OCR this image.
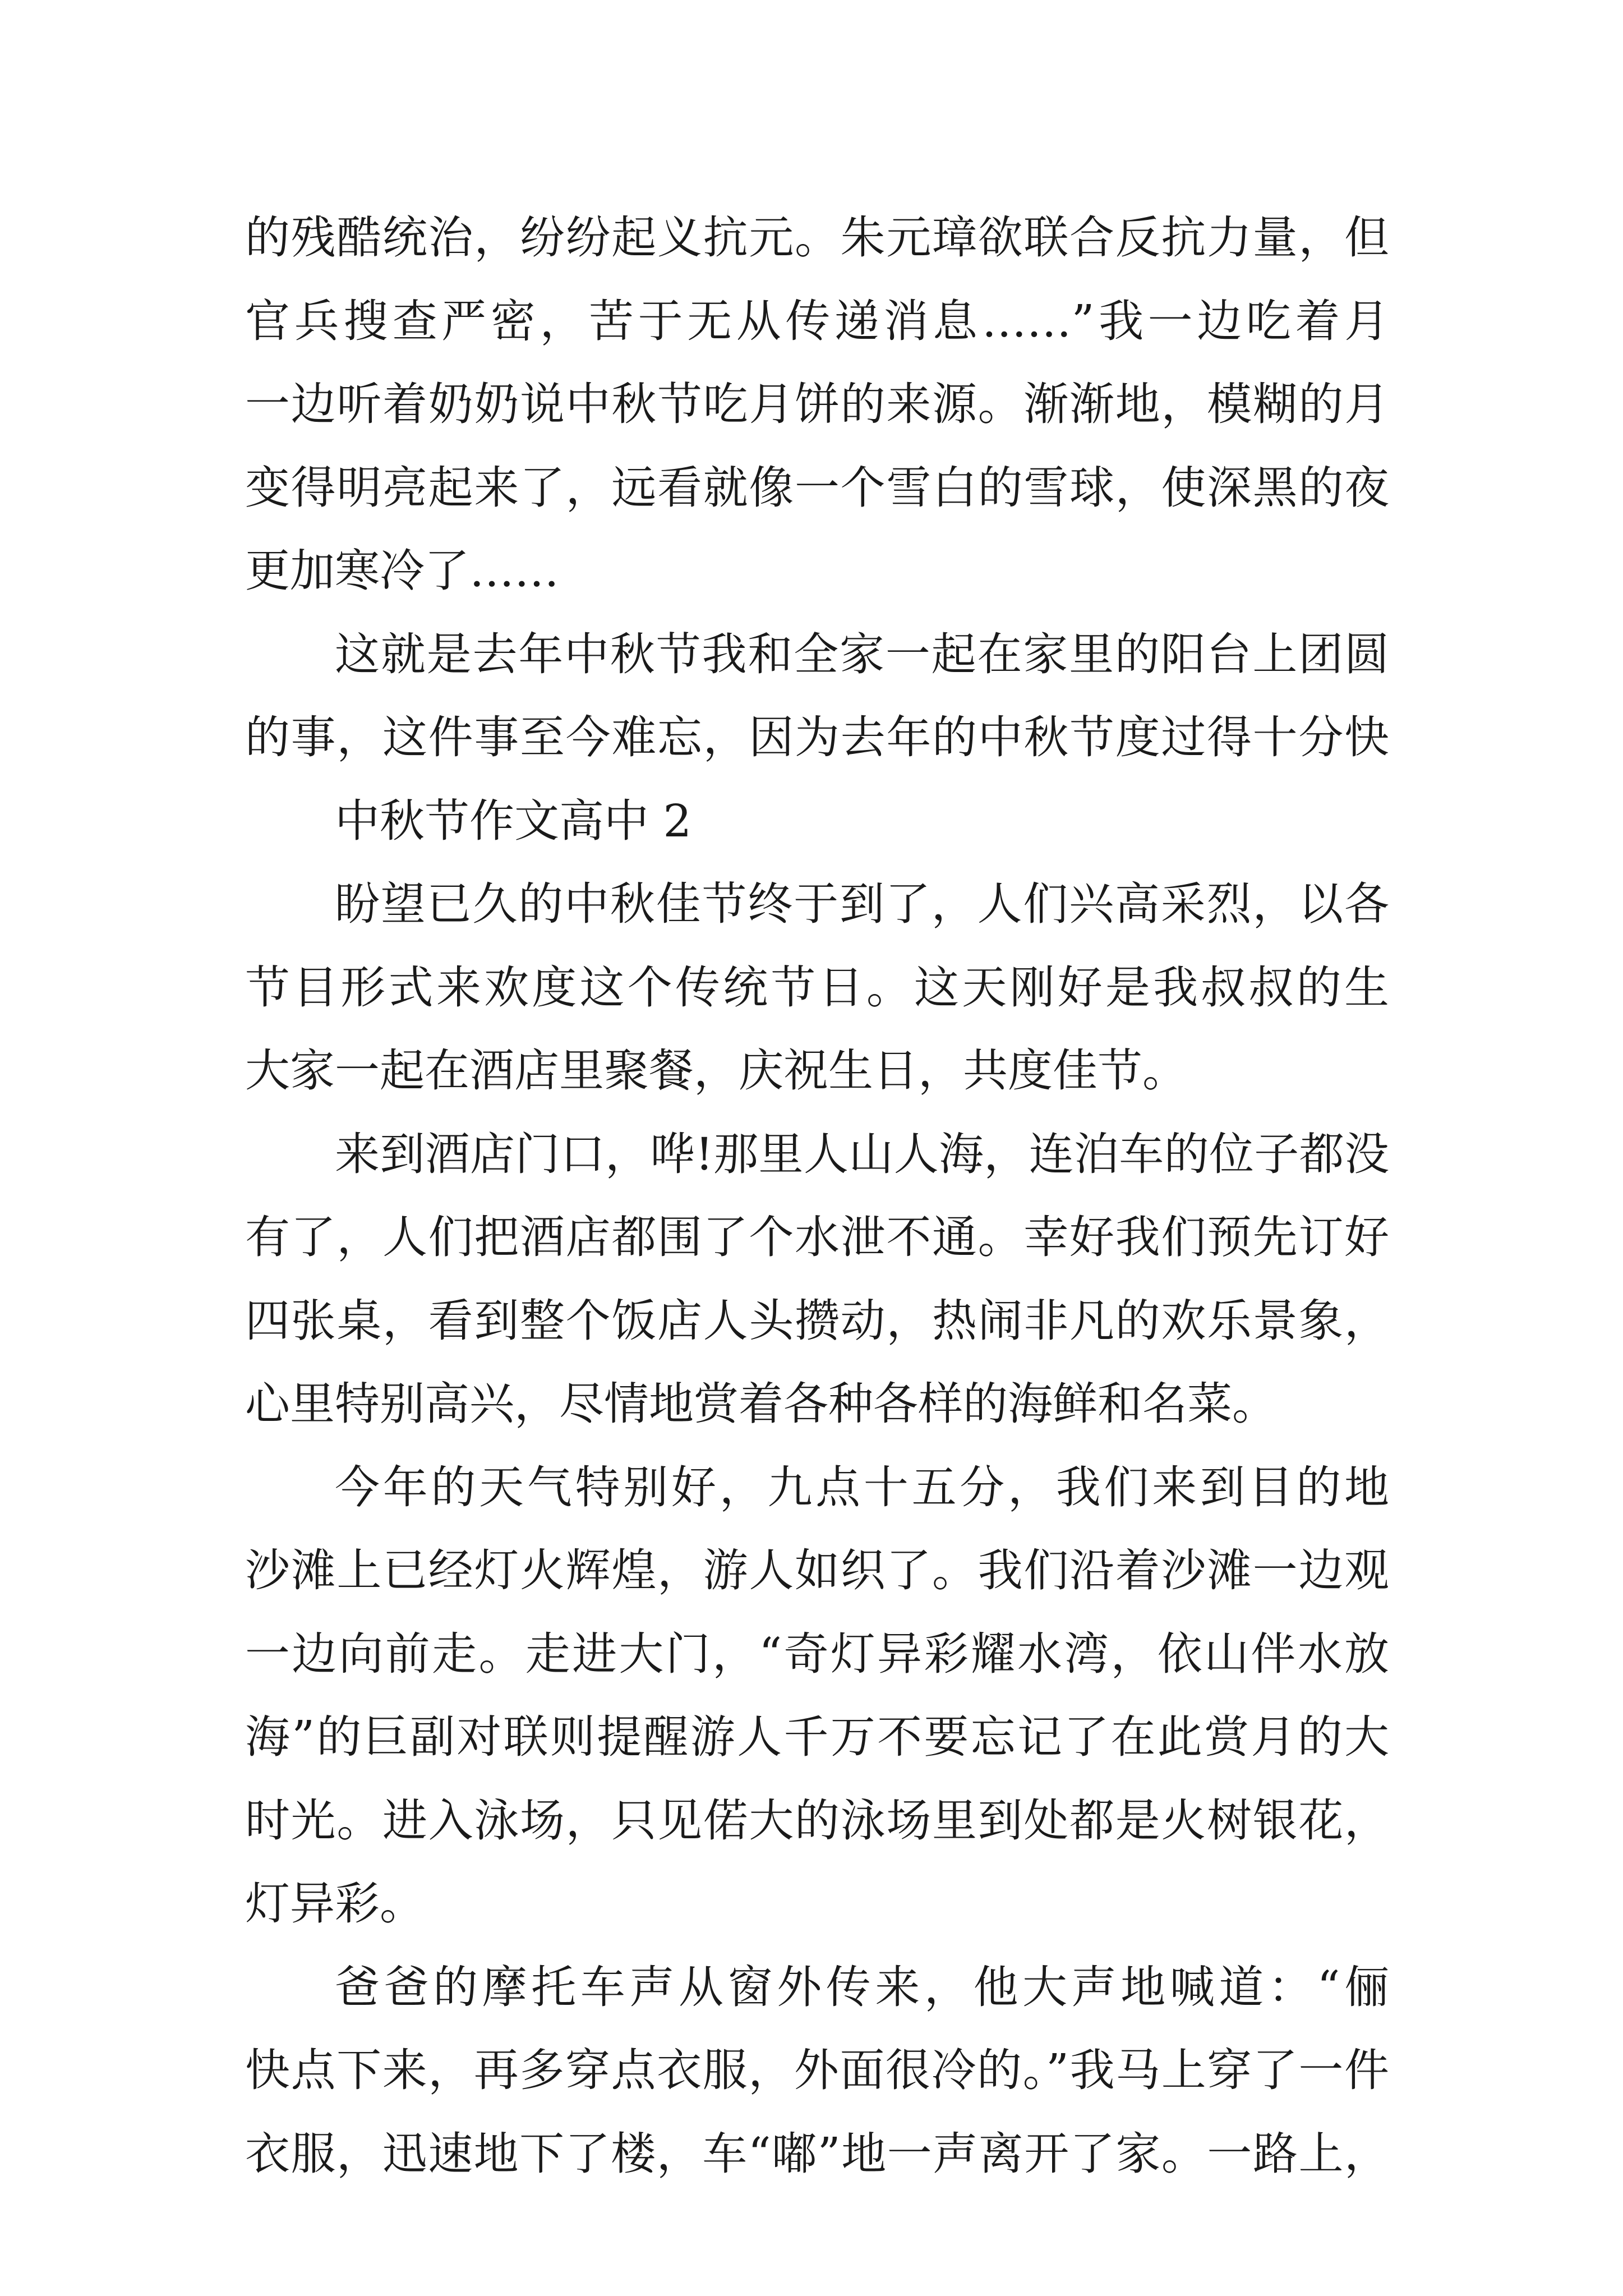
的残酷统治，纷纷起义抗元。朱元璋欲联合反抗力量，但
官兵搜查严密，苦于无从传递消息……”我一边吃着月
一边听着奶奶说中秋节吃月饼的来源。渐渐地，模糊的月
变得明亮起来了，远看就像一个雪白的雪球，使深黑的夜
更加寒冷了……
这就是去年中秋节我和全家一起在家里的阳台上团圆
的事，这件事至今难忘，因为去年的中秋节度过得十分快
中秋节作文高中 2
盼望已久的中秋佳节终于到了，人们兴高采烈，以各
节目形式来欢度这个传统节日。这天刚好是我叔叔的生
大家一起在酒店里聚餐，庆祝生日，共度佳节。
来到酒店门口，哗!那里人山人海，连泊车的位子都没
有了，人们把酒店都围了个水泄不通。幸好我们预先订好
四张桌，看到整个饭店人头攒动，热闹非凡的欢乐景象，
心里特别高兴，尽情地赏着各种各样的海鲜和名菜。
今年的天气特别好，九点十五分，我们来到目的地
沙滩上已经灯火辉煌，游人如织了。我们沿着沙滩一边观
一边向前走。走进大门，“奇灯异彩耀水湾，依山伴水放
海”的巨副对联则提醒游人千万不要忘记了在此赏月的大
时光。进入泳场，只见偌大的泳场里到处都是火树银花，
灯异彩。
爸爸的摩托车声从窗外传来，他大声地喊道：“俪
快点下来，再多穿点衣服，外面很冷的。”我马上穿了一件
衣服，迅速地下了楼，车“嘟”地一声离开了家。一路上，
